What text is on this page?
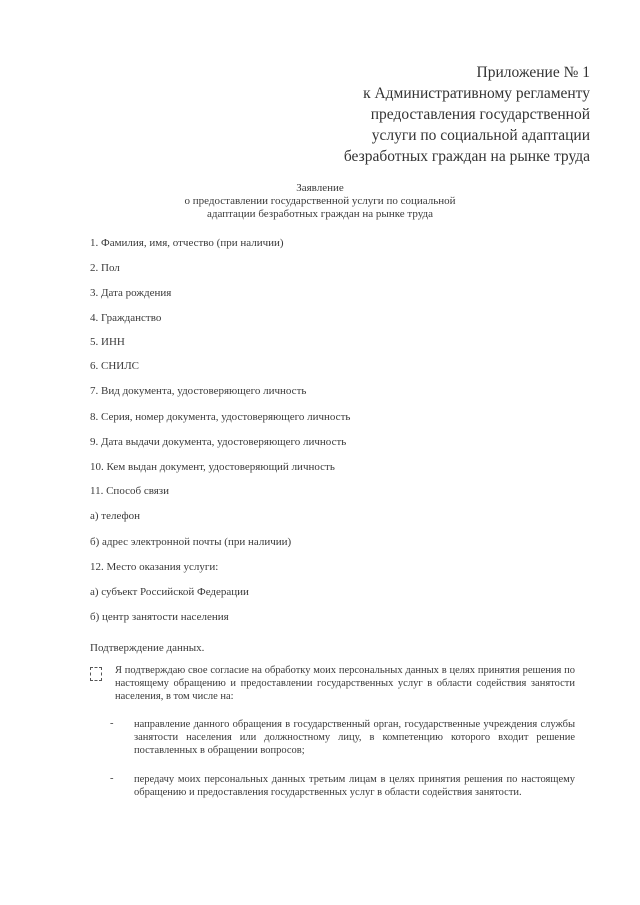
Приложение № 1
к Административному регламенту
предоставления государственной
услуги по социальной адаптации
безработных граждан на рынке труда
Заявление
о предоставлении государственной услуги по социальной
адаптации безработных граждан на рынке труда
1. Фамилия, имя, отчество (при наличии)
2. Пол
3. Дата рождения
4. Гражданство
5. ИНН
6. СНИЛС
7. Вид документа, удостоверяющего личность
8. Серия, номер документа, удостоверяющего личность
9. Дата выдачи документа, удостоверяющего личность
10. Кем выдан документ, удостоверяющий личность
11. Способ связи
а) телефон
б) адрес электронной почты (при наличии)
12. Место оказания услуги:
а) субъект Российской Федерации
б) центр занятости населения
Подтверждение данных.
Я подтверждаю свое согласие на обработку моих персональных данных в целях принятия решения по настоящему обращению и предоставлении государственных услуг в области содействия занятости населения, в том числе на:
- направление данного обращения в государственный орган, государственные учреждения службы занятости населения или должностному лицу, в компетенцию которого входит решение поставленных в обращении вопросов;
- передачу моих персональных данных третьим лицам в целях принятия решения по настоящему обращению и предоставления государственных услуг в области содействия занятости.
